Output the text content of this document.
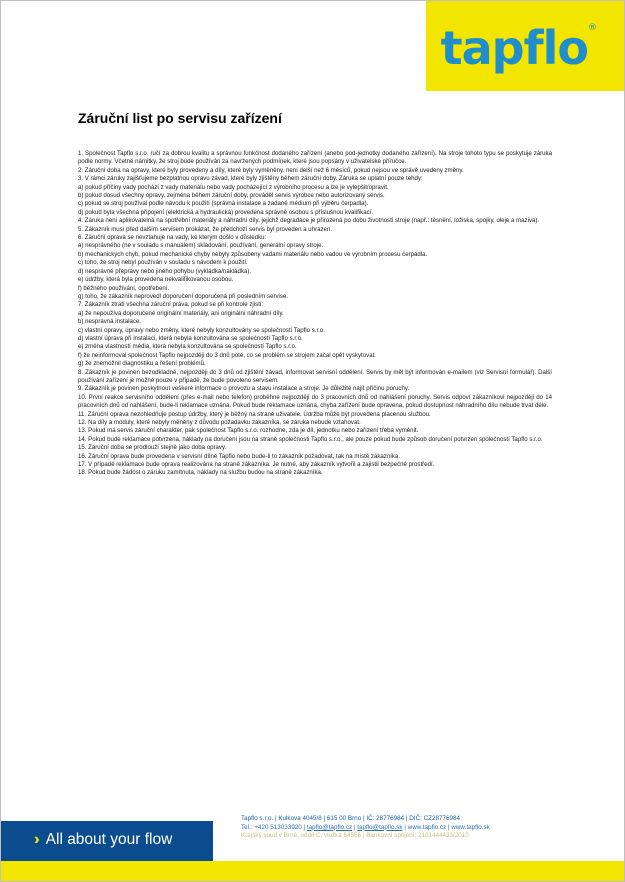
tapflo ®
Záruční list po servisu zařízení

1. Společnost Tapflo s.r.o. ručí za dobrou kvalitu a správnou funkčnost dodaného zařízení (anebo pod-jednotky dodaného zařízení). Na stroje tohoto typu se poskytuje záruka podle normy. Včetně námitky, že stroj bude používán za navržených podmínek, které jsou popsány v uživatelské příručce.

2. Záruční doba na opravy, které byly provedeny a díly, které byly vyměněny, není delší než 6 měsíců, pokud nejsou ve správě uvedeny změny.

3. V rámci záruky zajišťujeme bezplatnou opravu závad, které byly zjištěny během záruční doby. Záruka se uplatní pouze tehdy:

a) pokud příčiny vady pochází z vady materiálu nebo vady pocházející z výrobního procesu a lze je vylepšit/opravit.

b) pokud dosud všechny opravy, zejména během záruční doby, prováděl servis výrobce nebo autorizovaný servis.

c) pokud se stroj používal podle návodu k použití (správná instalace a zadané médium při výběru čerpadla).

d) pokud byla všechna připojení (elektrická a hydraulická) provedena správně osobou s příslušnou kvalifikací.

4. Záruka není aplikovatelná na spotřební materiály a náhradní díly, jejichž degradace je přirozená po dobu životnosti stroje (např.: těsnění, ložiska, spojky, oleje a maziva).

5. Zákazník musí před dalším servisem prokázat, že předchozí servis byl proveden a uhrazen.

6. Záruční oprava se nevztahuje na vady, ke kterým došlo v důsledku:

a) nesprávného (ne v souladu s manuálem) skladování, používání, generální opravy stroje.

b) mechanických chyb, pokud mechanické chyby nebyly způsobeny vadami materiálu nebo vadou ve výrobním procesu čerpadla.

c) toho, že stroj nebyl používán v souladu s návodem k použití.

d) nesprávné přepravy nebo jiného pohybu (vykládka/nakládka).

e) údržby, která byla provedena nekvalifikovanou osobou.

f) běžného používání, opotřebení.

g) toho, že zákazník neprovedl doporučení doporučená při posledním servise.

7. Zákazník ztratí všechna záruční práva, pokud se při kontrole zjistí:

a) že nepoužívá doporučené originální materiály, ani originální náhradní díly.

b) nesprávná instalace.

c) vlastní opravy, úpravy nebo změny, které nebyly konzultovány se společností Tapflo s.r.o.

d) vlastní úprava při instalaci, která nebyla konzultována se společností Tapflo s.r.o.

e) změna vlastností média, která nebyla konzultována se společností Tapflo s.r.o.

f) že neinformoval společnost Tapflo nejpozději do 3 dnů poté, co se problém se strojem začal opět vyskytovat.

g) že znemožnil diagnostiku a řešení problémů.

8. Zákazník je povinen bezodkladně, nejpozději do 3 dnů od zjištění závad, informovat servisní oddělení. Servis by měl být informován e-mailem (viz Servisní formulář). Další používání zařízení je možné pouze v případě, že bude povoleno servisem.

9. Zákazník je povinen poskytnout veškeré informace o provozu a stavu instalace a stroje. Je důležité najít příčinu poruchy.

10. První reakce servisního oddělení (přes e-mail nebo telefon) proběhne nejpozději do 3 pracovních dnů od nahlášení poruchy. Servis odpoví zákazníkovi nejpozději do 14 pracovních dnů od nahlášení, bude-li reklamace uznána. Pokud bude reklamace uznána, chyba zařízení bude opravena, pokud dostupnost náhradního dílu nebude trvat déle.

11. Záruční oprava nezohledňuje postup údržby, který je běžný na straně uživatele. Údržba může být provedena placenou službou.

12. Na díly a moduly, které nebyly měněny z důvodu požadavku zákazníka, se záruka nebude vztahovat.

13. Pokud má servis záruční charakter, pak společnost Tapflo s.r.o. rozhodne, zda je díl, jednotku nebo zařízení třeba vyměnit.

14. Pokud bude reklamace potvrzena, náklady na doručení jsou na straně společnosti Tapflo s.r.o., ale pouze pokud bude způsob doručení potvrzen společností Tapflo s.r.o.

15. Záruční doba se prodlouží stejně jako doba opravy.

16. Záruční oprava bude provedena v servisní dílně Tapflo nebo bude-li to zákazník požadovat, tak na místě zákazníka.

17. V případě reklamace bude oprava realizována na straně zákazníka. Je nutné, aby zákazník vytvořil a zajistil bezpečné prostředí.

18. Pokud bude žádost o záruku zamítnuta, náklady na službu budou na straně zákazníka.

›› All about your flow
Tapflo s.r.o. | Kulkova 4045/8 | 615 00 Brno | IČ: 28776984 | DIČ: CZ28776984
Tel.: +420 513033920 | tapflo@tapflo.cz | tapflo@tapflo.sk | www.tapflo.cz | www.tapflo.sk
Krajský soud v Brně, oddíl C, vložka 64556 | Bankovní spojení: 2101444433/2010
